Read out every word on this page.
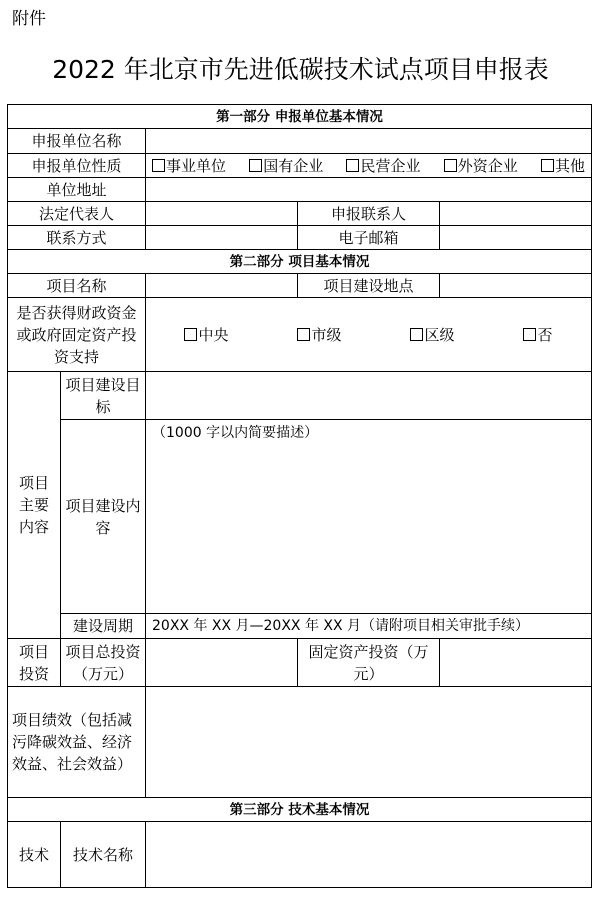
附件
2022 年北京市先进低碳技术试点项目申报表
第一部分 申报单位基本情况				
申报单位名称				
申报单位性质		事业单位 国有企业 民营企业 外资企业 其他		

单位地址				
法定代表人			申报联系人	
联系方式			电子邮箱	
第二部分 项目基本情况				
项目名称			项目建设地点	
是否获得财政资金或政府固定资产投资支持		中央 市级 区级 否		

项目主要内容	项目建设目标			
	项目建设内容	（1000 字以内简要描述）		
	建设周期	20XX 年 XX 月—20XX 年 XX 月（请附项目相关审批手续）		
项目投资	项目总投资（万元）		固定资产投资（万元）	
项目绩效（包括减污降碳效益、经济效益、社会效益）				
第三部分 技术基本情况				
技术	技术名称			
